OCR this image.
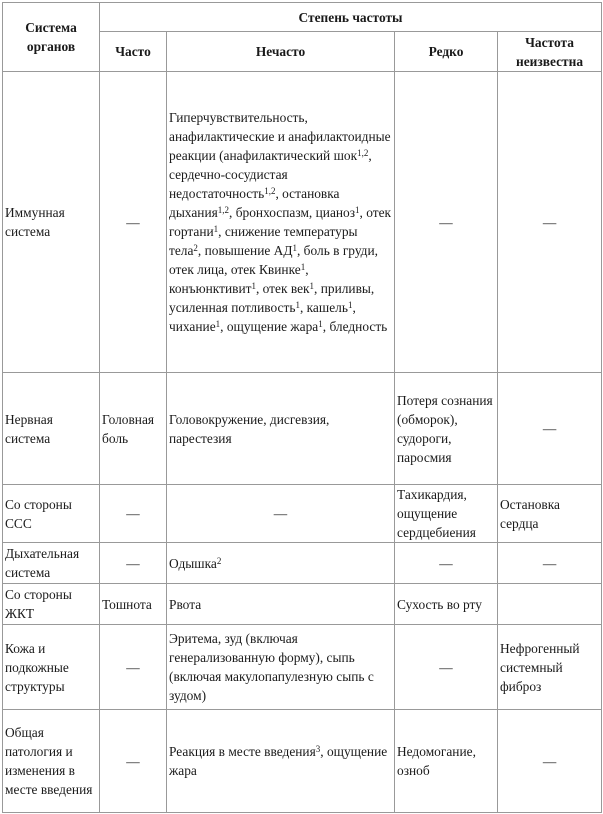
Система органов	Степень частоты			
	Часто	Нечасто	Редко	Частота неизвестна
Иммунная система	—	Гиперчувствительность, анафилактические и анафилактоидные реакции (анафилактический шок$^{1,2}$, сердечно-сосудистая недостаточность$^{1,2}$, остановка дыхания$^{1,2}$, бронхоспазм, цианоз$^1$, отек гортани$^1$, снижение температуры тела$^2$, повышение $АД^1$, боль в груди, отек лица, отек Квинке$^1$, конъюнктивит$^1$, отек век$^1$, приливы, усиленная потливость$^1$, кашель$^1$, чихание$^1$, ощущение жара$^1$, бледность	—	—
Нервная система	Головная боль	Головокружение, дисгевзия, парестезия	Потеря сознания (обморок), судороги, паросмия	—
Со стороны ССС	—	—	Тахикардия, ощущение сердцебиения	Остановка сердца
Дыхательная система	—	Одышка$^2$	—	—
Со стороны ЖКТ	Тошнота	Рвота	Сухость во рту	
Кожа и подкожные структуры	—	Эритема, зуд (включая генерализованную форму), сыпь (включая макулопапулезную сыпь с зудом)	—	Нефрогенный системный фиброз
Общая патология и изменения в месте введения	—	Реакция в месте введения$^3$, ощущение жара	Недомогание, озноб	—
